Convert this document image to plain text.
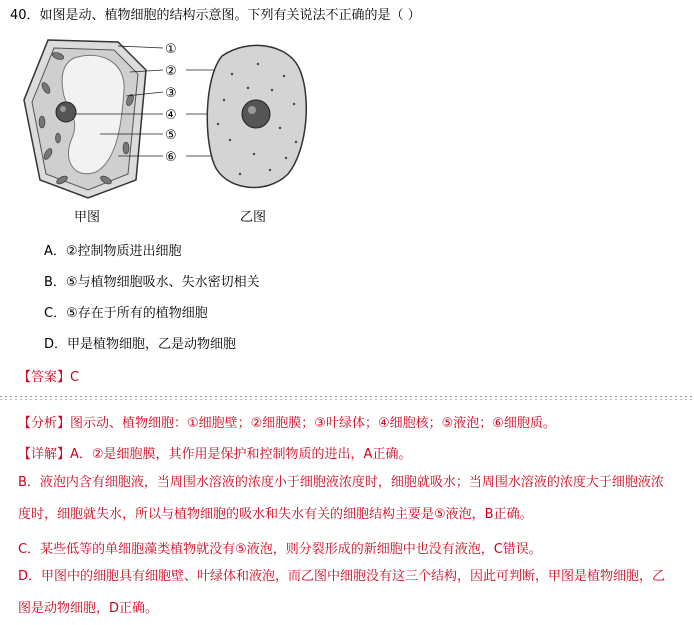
40．如图是动、植物细胞的结构示意图。下列有关说法不正确的是（ ）
①
②
③
④
⑤
⑥
甲图	乙图
A．②控制物质进出细胞
B．⑤与植物细胞吸水、失水密切相关
C．⑤存在于所有的植物细胞
D．甲是植物细胞，乙是动物细胞
【答案】C
【分析】图示动、植物细胞：①细胞壁；②细胞膜；③叶绿体；④细胞核；⑤液泡；⑥细胞质。
【详解】A．②是细胞膜，其作用是保护和控制物质的进出，A正确。
B．液泡内含有细胞液，当周围水溶液的浓度小于细胞液浓度时，细胞就吸水；当周围水溶液的浓度大于细胞液浓度时，细胞就失水，所以与植物细胞的吸水和失水有关的细胞结构主要是⑤液泡，B正确。
C．某些低等的单细胞藻类植物就没有⑤液泡，则分裂形成的新细胞中也没有液泡，C错误。
D．甲图中的细胞具有细胞壁、叶绿体和液泡，而乙图中细胞没有这三个结构，因此可判断，甲图是植物细胞，乙图是动物细胞，D正确。
